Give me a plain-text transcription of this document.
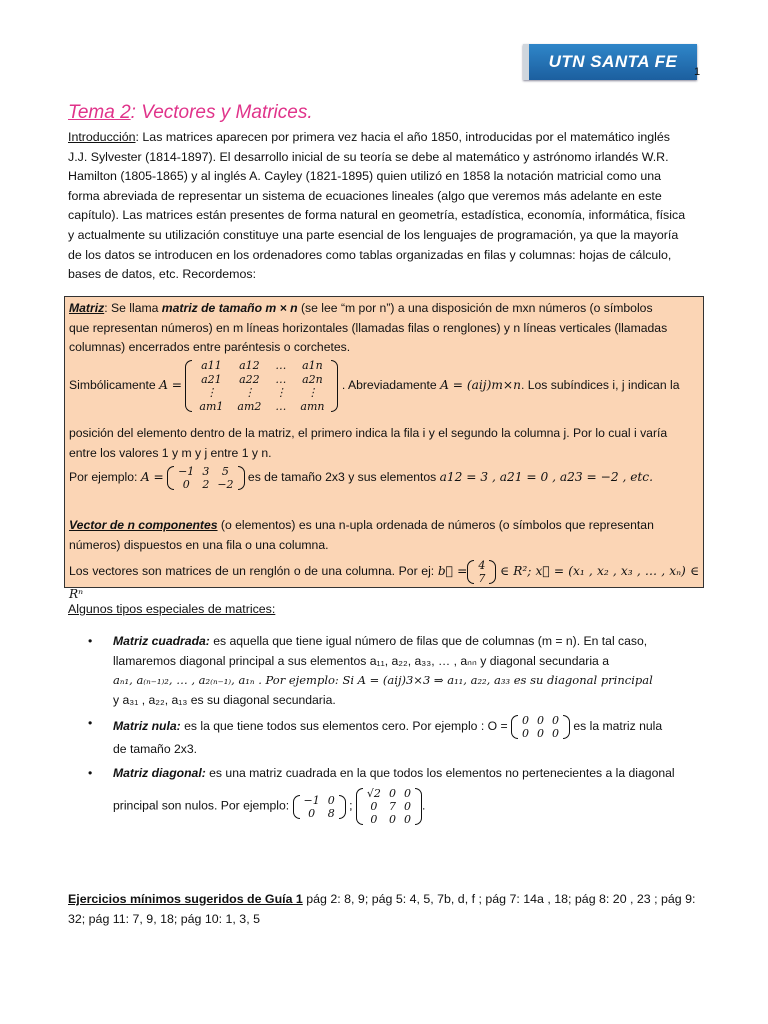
UTN SANTA FE
1
Tema 2: Vectores y Matrices.
Introducción: Las matrices aparecen por primera vez hacia el año 1850, introducidas por el matemático inglés
J.J. Sylvester (1814-1897). El desarrollo inicial de su teoría se debe al matemático y astrónomo irlandés W.R.
Hamilton (1805-1865) y al inglés A. Cayley (1821-1895) quien utilizó en 1858 la notación matricial como una
forma abreviada de representar un sistema de ecuaciones lineales (algo que veremos más adelante en este
capítulo). Las matrices están presentes de forma natural en geometría, estadística, economía, informática, física
y actualmente su utilización constituye una parte esencial de los lenguajes de programación, ya que la mayoría
de los datos se introducen en los ordenadores como tablas organizadas en filas y columnas: hojas de cálculo,
bases de datos, etc. Recordemos:
Matriz: Se llama matriz de tamaño m × n (se lee “m por n”) a una disposición de mxn números (o símbolos
que representan números) en m líneas horizontales (llamadas filas o renglones) y n líneas verticales (llamadas
columnas) encerrados entre paréntesis o corchetes.
Simbólicamente A =
a11	a12	…	a1n
a21	a22	…	a2n
⋮	⋮	⋮	⋮
am1	am2	…	amn
. Abreviadamente A = (aij)m×n. Los subíndices i, j indican la
posición del elemento dentro de la matriz, el primero indica la fila i y el segundo la columna j. Por lo cual i varía
entre los valores 1 y m y j entre 1 y n.
Por ejemplo: A = −1	3	5
0	2	−2
es de tamaño 2x3 y sus elementos a12 = 3 , a21 = 0 , a23 = −2 , etc.
Vector de n componentes (o elementos) es una n-upla ordenada de números (o símbolos que representan
números) dispuestos en una fila o una columna.
Los vectores son matrices de un renglón o de una columna. Por ej: b⃗ = 4
7
∈ R²; x⃗ = (x₁ , x₂ , x₃ , … , xₙ) ∈ Rⁿ
Algunos tipos especiales de matrices:
• Matriz cuadrada: es aquella que tiene igual número de filas que de columnas (m = n). En tal caso,
llamaremos diagonal principal a sus elementos a₁₁, a₂₂, a₃₃, … , aₙₙ y diagonal secundaria a
aₙ₁, a₍ₙ₋₁₎₂, … , a₂₍ₙ₋₁₎, a₁ₙ . Por ejemplo: Si A = (aij)3×3 ⇒ a₁₁, a₂₂, a₃₃ es su diagonal principal
y a₃₁ , a₂₂, a₁₃ es su diagonal secundaria.
• Matriz nula: es la que tiene todos sus elementos cero. Por ejemplo : O = 0	0	0
0	0	0
es la matriz nula
de tamaño 2x3.
• Matriz diagonal: es una matriz cuadrada en la que todos los elementos no pertenecientes a la diagonal
principal son nulos. Por ejemplo: −1	0
0	8
;
√2	0	0
0	7	0
0	0	0
.
Ejercicios mínimos sugeridos de Guía 1 pág 2: 8, 9; pág 5: 4, 5, 7b, d, f ; pág 7: 14a , 18; pág 8: 20 , 23 ; pág 9:
32; pág 11: 7, 9, 18; pág 10: 1, 3, 5
